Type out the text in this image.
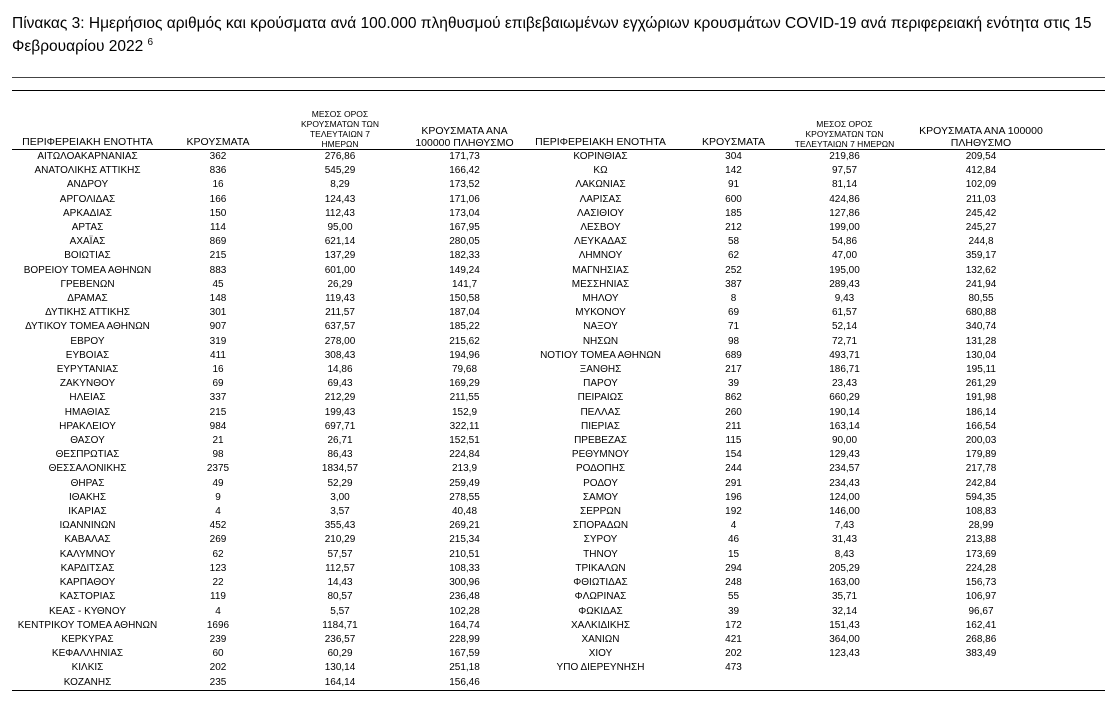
Πίνακας 3: Ημερήσιος αριθμός και κρούσματα ανά 100.000 πληθυσμού επιβεβαιωμένων εγχώριων κρουσμάτων COVID-19 ανά περιφερειακή ενότητα στις 15 Φεβρουαρίου 2022 $^6$
ΠΕΡΙΦΕΡΕΙΑΚΗ ΕΝΟΤΗΤΑ	ΚΡΟΥΣΜΑΤΑ	ΜΕΣΟΣ ΟΡΟΣ ΚΡΟΥΣΜΑΤΩΝ ΤΩΝ ΤΕΛΕΥΤΑΙΩΝ 7 ΗΜΕΡΩΝ	ΚΡΟΥΣΜΑΤΑ ΑΝΑ 100000 ΠΛΗΘΥΣΜΟ	ΠΕΡΙΦΕΡΕΙΑΚΗ ΕΝΟΤΗΤΑ	ΚΡΟΥΣΜΑΤΑ	ΜΕΣΟΣ ΟΡΟΣ ΚΡΟΥΣΜΑΤΩΝ ΤΩΝ ΤΕΛΕΥΤΑΙΩΝ 7 ΗΜΕΡΩΝ	ΚΡΟΥΣΜΑΤΑ ΑΝΑ 100000 ΠΛΗΘΥΣΜΟ
ΑΙΤΩΛΟΑΚΑΡΝΑΝΙΑΣ	362	276,86	171,73	ΚΟΡΙΝΘΙΑΣ	304	219,86	209,54
ΑΝΑΤΟΛΙΚΗΣ ΑΤΤΙΚΗΣ	836	545,29	166,42	ΚΩ	142	97,57	412,84
ΑΝΔΡΟΥ	16	8,29	173,52	ΛΑΚΩΝΙΑΣ	91	81,14	102,09
ΑΡΓΟΛΙΔΑΣ	166	124,43	171,06	ΛΑΡΙΣΑΣ	600	424,86	211,03
ΑΡΚΑΔΙΑΣ	150	112,43	173,04	ΛΑΣΙΘΙΟΥ	185	127,86	245,42
ΑΡΤΑΣ	114	95,00	167,95	ΛΕΣΒΟΥ	212	199,00	245,27
ΑΧΑΪΑΣ	869	621,14	280,05	ΛΕΥΚΑΔΑΣ	58	54,86	244,8
ΒΟΙΩΤΙΑΣ	215	137,29	182,33	ΛΗΜΝΟΥ	62	47,00	359,17
ΒΟΡΕΙΟΥ ΤΟΜΕΑ ΑΘΗΝΩΝ	883	601,00	149,24	ΜΑΓΝΗΣΙΑΣ	252	195,00	132,62
ΓΡΕΒΕΝΩΝ	45	26,29	141,7	ΜΕΣΣΗΝΙΑΣ	387	289,43	241,94
ΔΡΑΜΑΣ	148	119,43	150,58	ΜΗΛΟΥ	8	9,43	80,55
ΔΥΤΙΚΗΣ ΑΤΤΙΚΗΣ	301	211,57	187,04	ΜΥΚΟΝΟΥ	69	61,57	680,88
ΔΥΤΙΚΟΥ ΤΟΜΕΑ ΑΘΗΝΩΝ	907	637,57	185,22	ΝΑΞΟΥ	71	52,14	340,74
ΕΒΡΟΥ	319	278,00	215,62	ΝΗΣΩΝ	98	72,71	131,28
ΕΥΒΟΙΑΣ	411	308,43	194,96	ΝΟΤΙΟΥ ΤΟΜΕΑ ΑΘΗΝΩΝ	689	493,71	130,04
ΕΥΡΥΤΑΝΙΑΣ	16	14,86	79,68	ΞΑΝΘΗΣ	217	186,71	195,11
ΖΑΚΥΝΘΟΥ	69	69,43	169,29	ΠΑΡΟΥ	39	23,43	261,29
ΗΛΕΙΑΣ	337	212,29	211,55	ΠΕΙΡΑΙΩΣ	862	660,29	191,98
ΗΜΑΘΙΑΣ	215	199,43	152,9	ΠΕΛΛΑΣ	260	190,14	186,14
ΗΡΑΚΛΕΙΟΥ	984	697,71	322,11	ΠΙΕΡΙΑΣ	211	163,14	166,54
ΘΑΣΟΥ	21	26,71	152,51	ΠΡΕΒΕΖΑΣ	115	90,00	200,03
ΘΕΣΠΡΩΤΙΑΣ	98	86,43	224,84	ΡΕΘΥΜΝΟΥ	154	129,43	179,89
ΘΕΣΣΑΛΟΝΙΚΗΣ	2375	1834,57	213,9	ΡΟΔΟΠΗΣ	244	234,57	217,78
ΘΗΡΑΣ	49	52,29	259,49	ΡΟΔΟΥ	291	234,43	242,84
ΙΘΑΚΗΣ	9	3,00	278,55	ΣΑΜΟΥ	196	124,00	594,35
ΙΚΑΡΙΑΣ	4	3,57	40,48	ΣΕΡΡΩΝ	192	146,00	108,83
ΙΩΑΝΝΙΝΩΝ	452	355,43	269,21	ΣΠΟΡΑΔΩΝ	4	7,43	28,99
ΚΑΒΑΛΑΣ	269	210,29	215,34	ΣΥΡΟΥ	46	31,43	213,88
ΚΑΛΥΜΝΟΥ	62	57,57	210,51	ΤΗΝΟΥ	15	8,43	173,69
ΚΑΡΔΙΤΣΑΣ	123	112,57	108,33	ΤΡΙΚΑΛΩΝ	294	205,29	224,28
ΚΑΡΠΑΘΟΥ	22	14,43	300,96	ΦΘΙΩΤΙΔΑΣ	248	163,00	156,73
ΚΑΣΤΟΡΙΑΣ	119	80,57	236,48	ΦΛΩΡΙΝΑΣ	55	35,71	106,97
ΚΕΑΣ - ΚΥΘΝΟΥ	4	5,57	102,28	ΦΩΚΙΔΑΣ	39	32,14	96,67
ΚΕΝΤΡΙΚΟΥ ΤΟΜΕΑ ΑΘΗΝΩΝ	1696	1184,71	164,74	ΧΑΛΚΙΔΙΚΗΣ	172	151,43	162,41
ΚΕΡΚΥΡΑΣ	239	236,57	228,99	ΧΑΝΙΩΝ	421	364,00	268,86
ΚΕΦΑΛΛΗΝΙΑΣ	60	60,29	167,59	ΧΙΟΥ	202	123,43	383,49
ΚΙΛΚΙΣ	202	130,14	251,18	ΥΠΟ ΔΙΕΡΕΥΝΗΣΗ	473		
ΚΟΖΑΝΗΣ	235	164,14	156,46				
